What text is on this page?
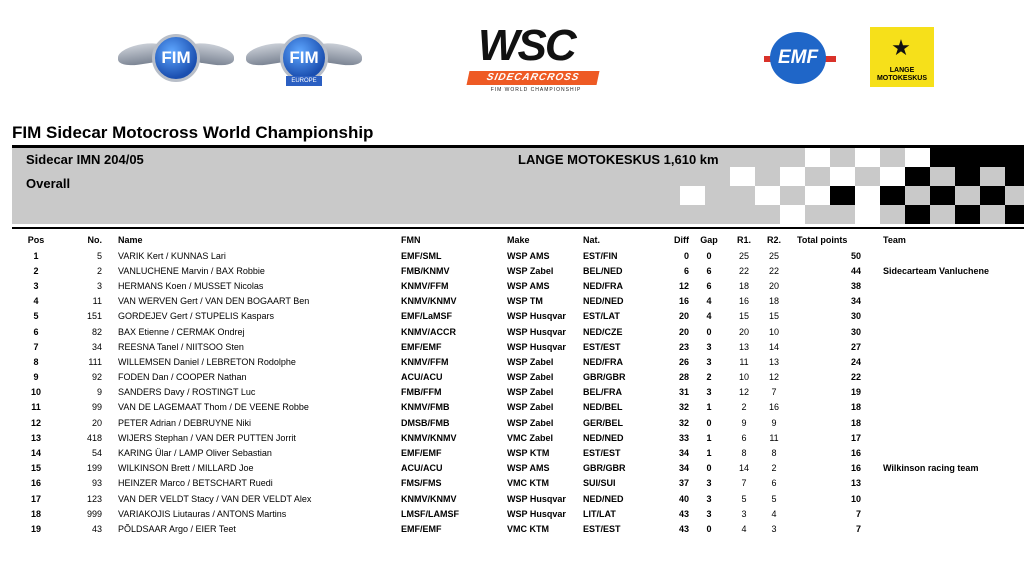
FIM	FIM
EUROPE
WSC
SIDECARCROSS
FIM WORLD CHAMPIONSHIP
EMF	★
LANGE MOTOKESKUS
FIM Sidecar Motocross World Championship
Sidecar IMN 204/05	LANGE MOTOKESKUS 1,610 km
Overall
Pos	No.	Name	FMN	Make	Nat.	Diff	Gap	R1.	R2.	Total points	Team
1	5	VARIK Kert / KUNNAS Lari	EMF/SML	WSP AMS	EST/FIN	0	0	25	25	50	
2	2	VANLUCHENE Marvin / BAX Robbie	FMB/KNMV	WSP Zabel	BEL/NED	6	6	22	22	44	Sidecarteam Vanluchene
3	3	HERMANS Koen / MUSSET Nicolas	KNMV/FFM	WSP AMS	NED/FRA	12	6	18	20	38	
4	11	VAN WERVEN Gert / VAN DEN BOGAART Ben	KNMV/KNMV	WSP TM	NED/NED	16	4	16	18	34	
5	151	GORDEJEV Gert / STUPELIS Kaspars	EMF/LaMSF	WSP Husqvar	EST/LAT	20	4	15	15	30	
6	82	BAX Etienne / CERMAK Ondrej	KNMV/ACCR	WSP Husqvar	NED/CZE	20	0	20	10	30	
7	34	REESNA Tanel / NIITSOO Sten	EMF/EMF	WSP Husqvar	EST/EST	23	3	13	14	27	
8	111	WILLEMSEN Daniel / LEBRETON Rodolphe	KNMV/FFM	WSP Zabel	NED/FRA	26	3	11	13	24	
9	92	FODEN Dan / COOPER Nathan	ACU/ACU	WSP Zabel	GBR/GBR	28	2	10	12	22	
10	9	SANDERS Davy / ROSTINGT Luc	FMB/FFM	WSP Zabel	BEL/FRA	31	3	12	7	19	
11	99	VAN DE LAGEMAAT Thom / DE VEENE Robbe	KNMV/FMB	WSP Zabel	NED/BEL	32	1	2	16	18	
12	20	PETER Adrian / DEBRUYNE Niki	DMSB/FMB	WSP Zabel	GER/BEL	32	0	9	9	18	
13	418	WIJERS Stephan / VAN DER PUTTEN Jorrit	KNMV/KNMV	VMC Zabel	NED/NED	33	1	6	11	17	
14	54	KARING Ülar / LAMP Oliver Sebastian	EMF/EMF	WSP KTM	EST/EST	34	1	8	8	16	
15	199	WILKINSON Brett / MILLARD Joe	ACU/ACU	WSP AMS	GBR/GBR	34	0	14	2	16	Wilkinson racing team
16	93	HEINZER Marco / BETSCHART Ruedi	FMS/FMS	VMC KTM	SUI/SUI	37	3	7	6	13	
17	123	VAN DER VELDT Stacy / VAN DER VELDT Alex	KNMV/KNMV	WSP Husqvar	NED/NED	40	3	5	5	10	
18	999	VARIAKOJIS Liutauras / ANTONS Martins	LMSF/LAMSF	WSP Husqvar	LIT/LAT	43	3	3	4	7	
19	43	PÕLDSAAR Argo / EIER Teet	EMF/EMF	VMC KTM	EST/EST	43	0	4	3	7	
